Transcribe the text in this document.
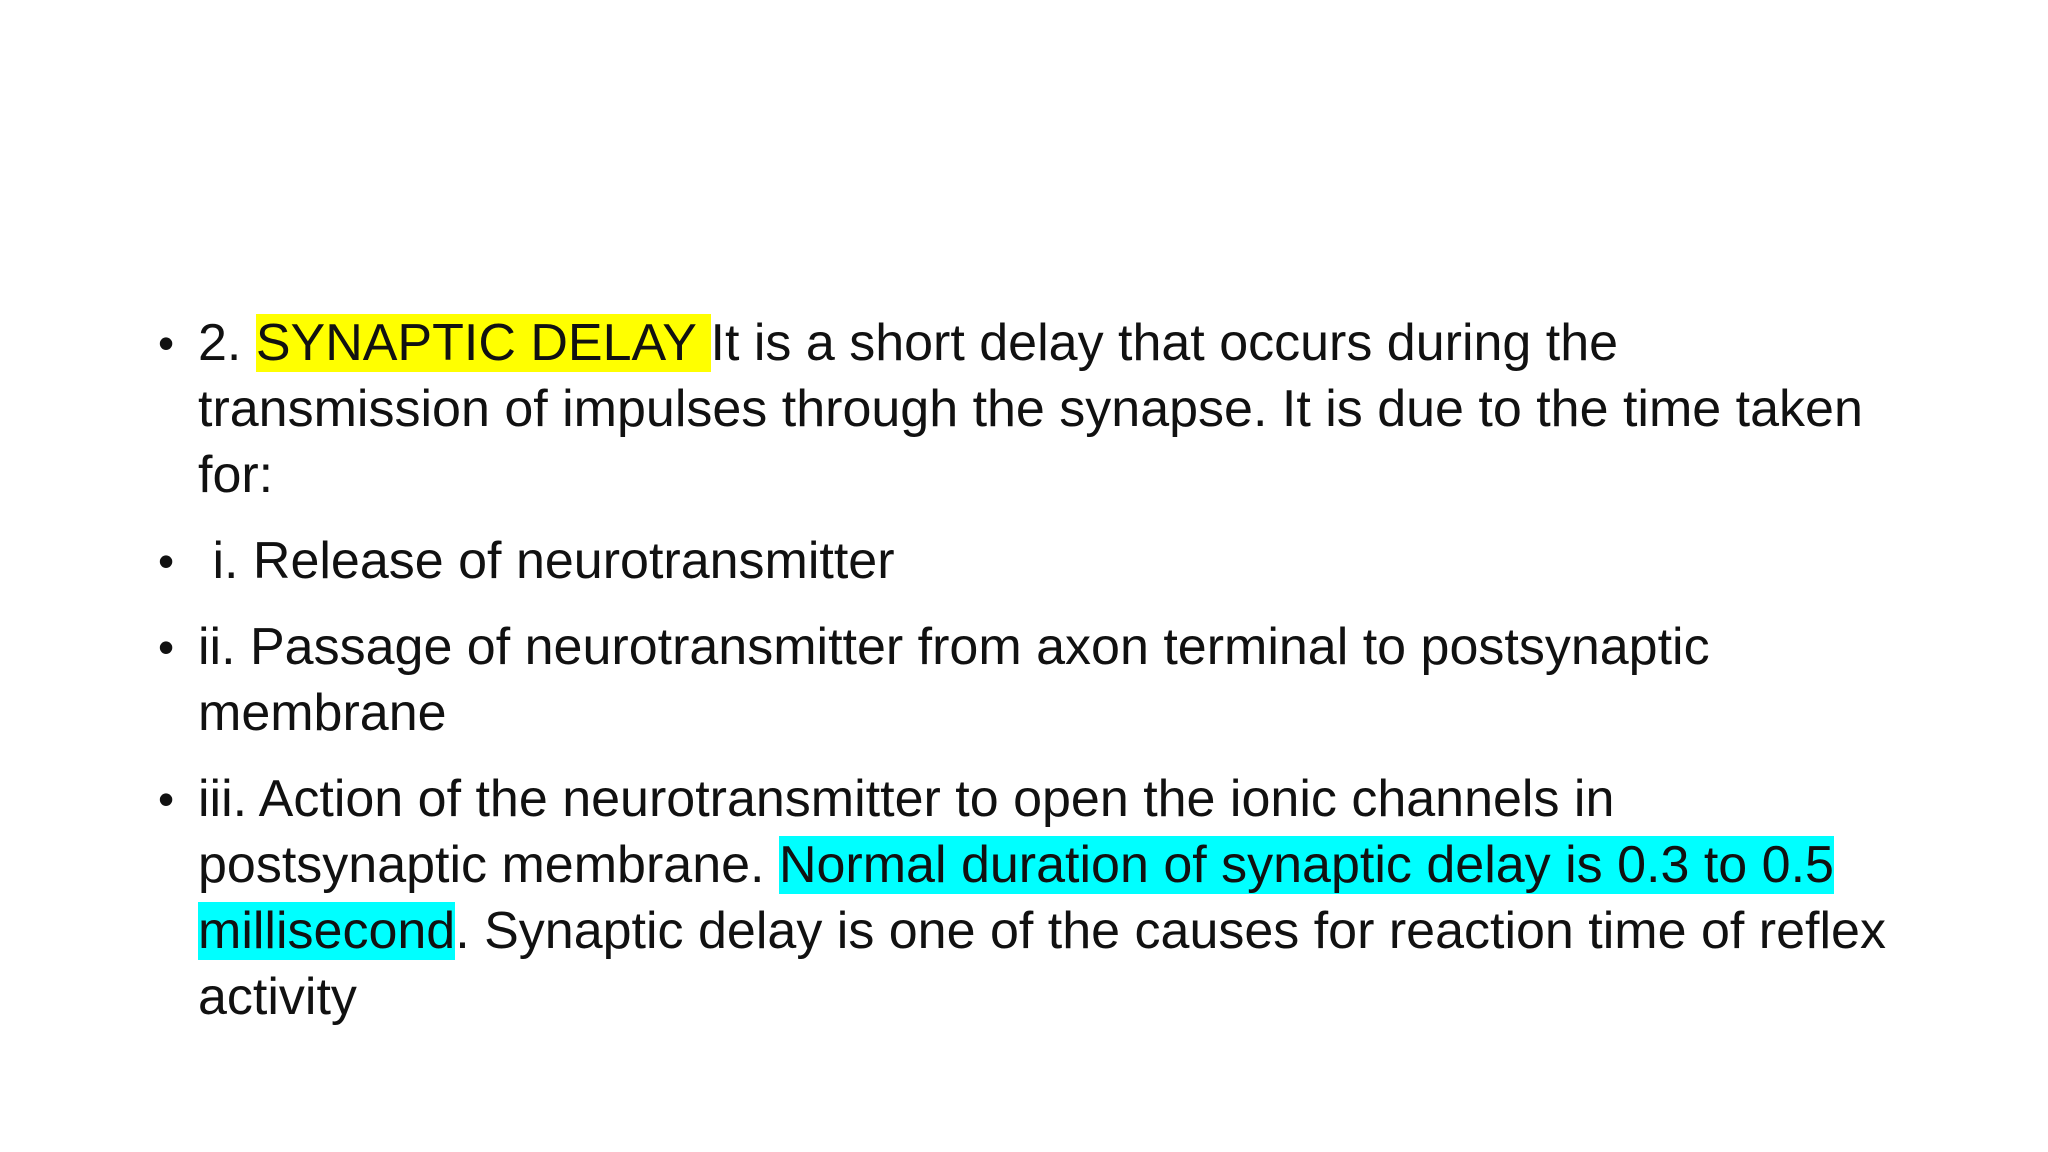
• 2. SYNAPTIC DELAY It is a short delay that occurs during the transmission of impulses through the synapse. It is due to the time taken for:
• i. Release of neurotransmitter
• ii. Passage of neurotransmitter from axon terminal to postsynaptic membrane
• iii. Action of the neurotransmitter to open the ionic channels in postsynaptic membrane. Normal duration of synaptic delay is 0.3 to 0.5 millisecond. Synaptic delay is one of the causes for reaction time of reflex activity
